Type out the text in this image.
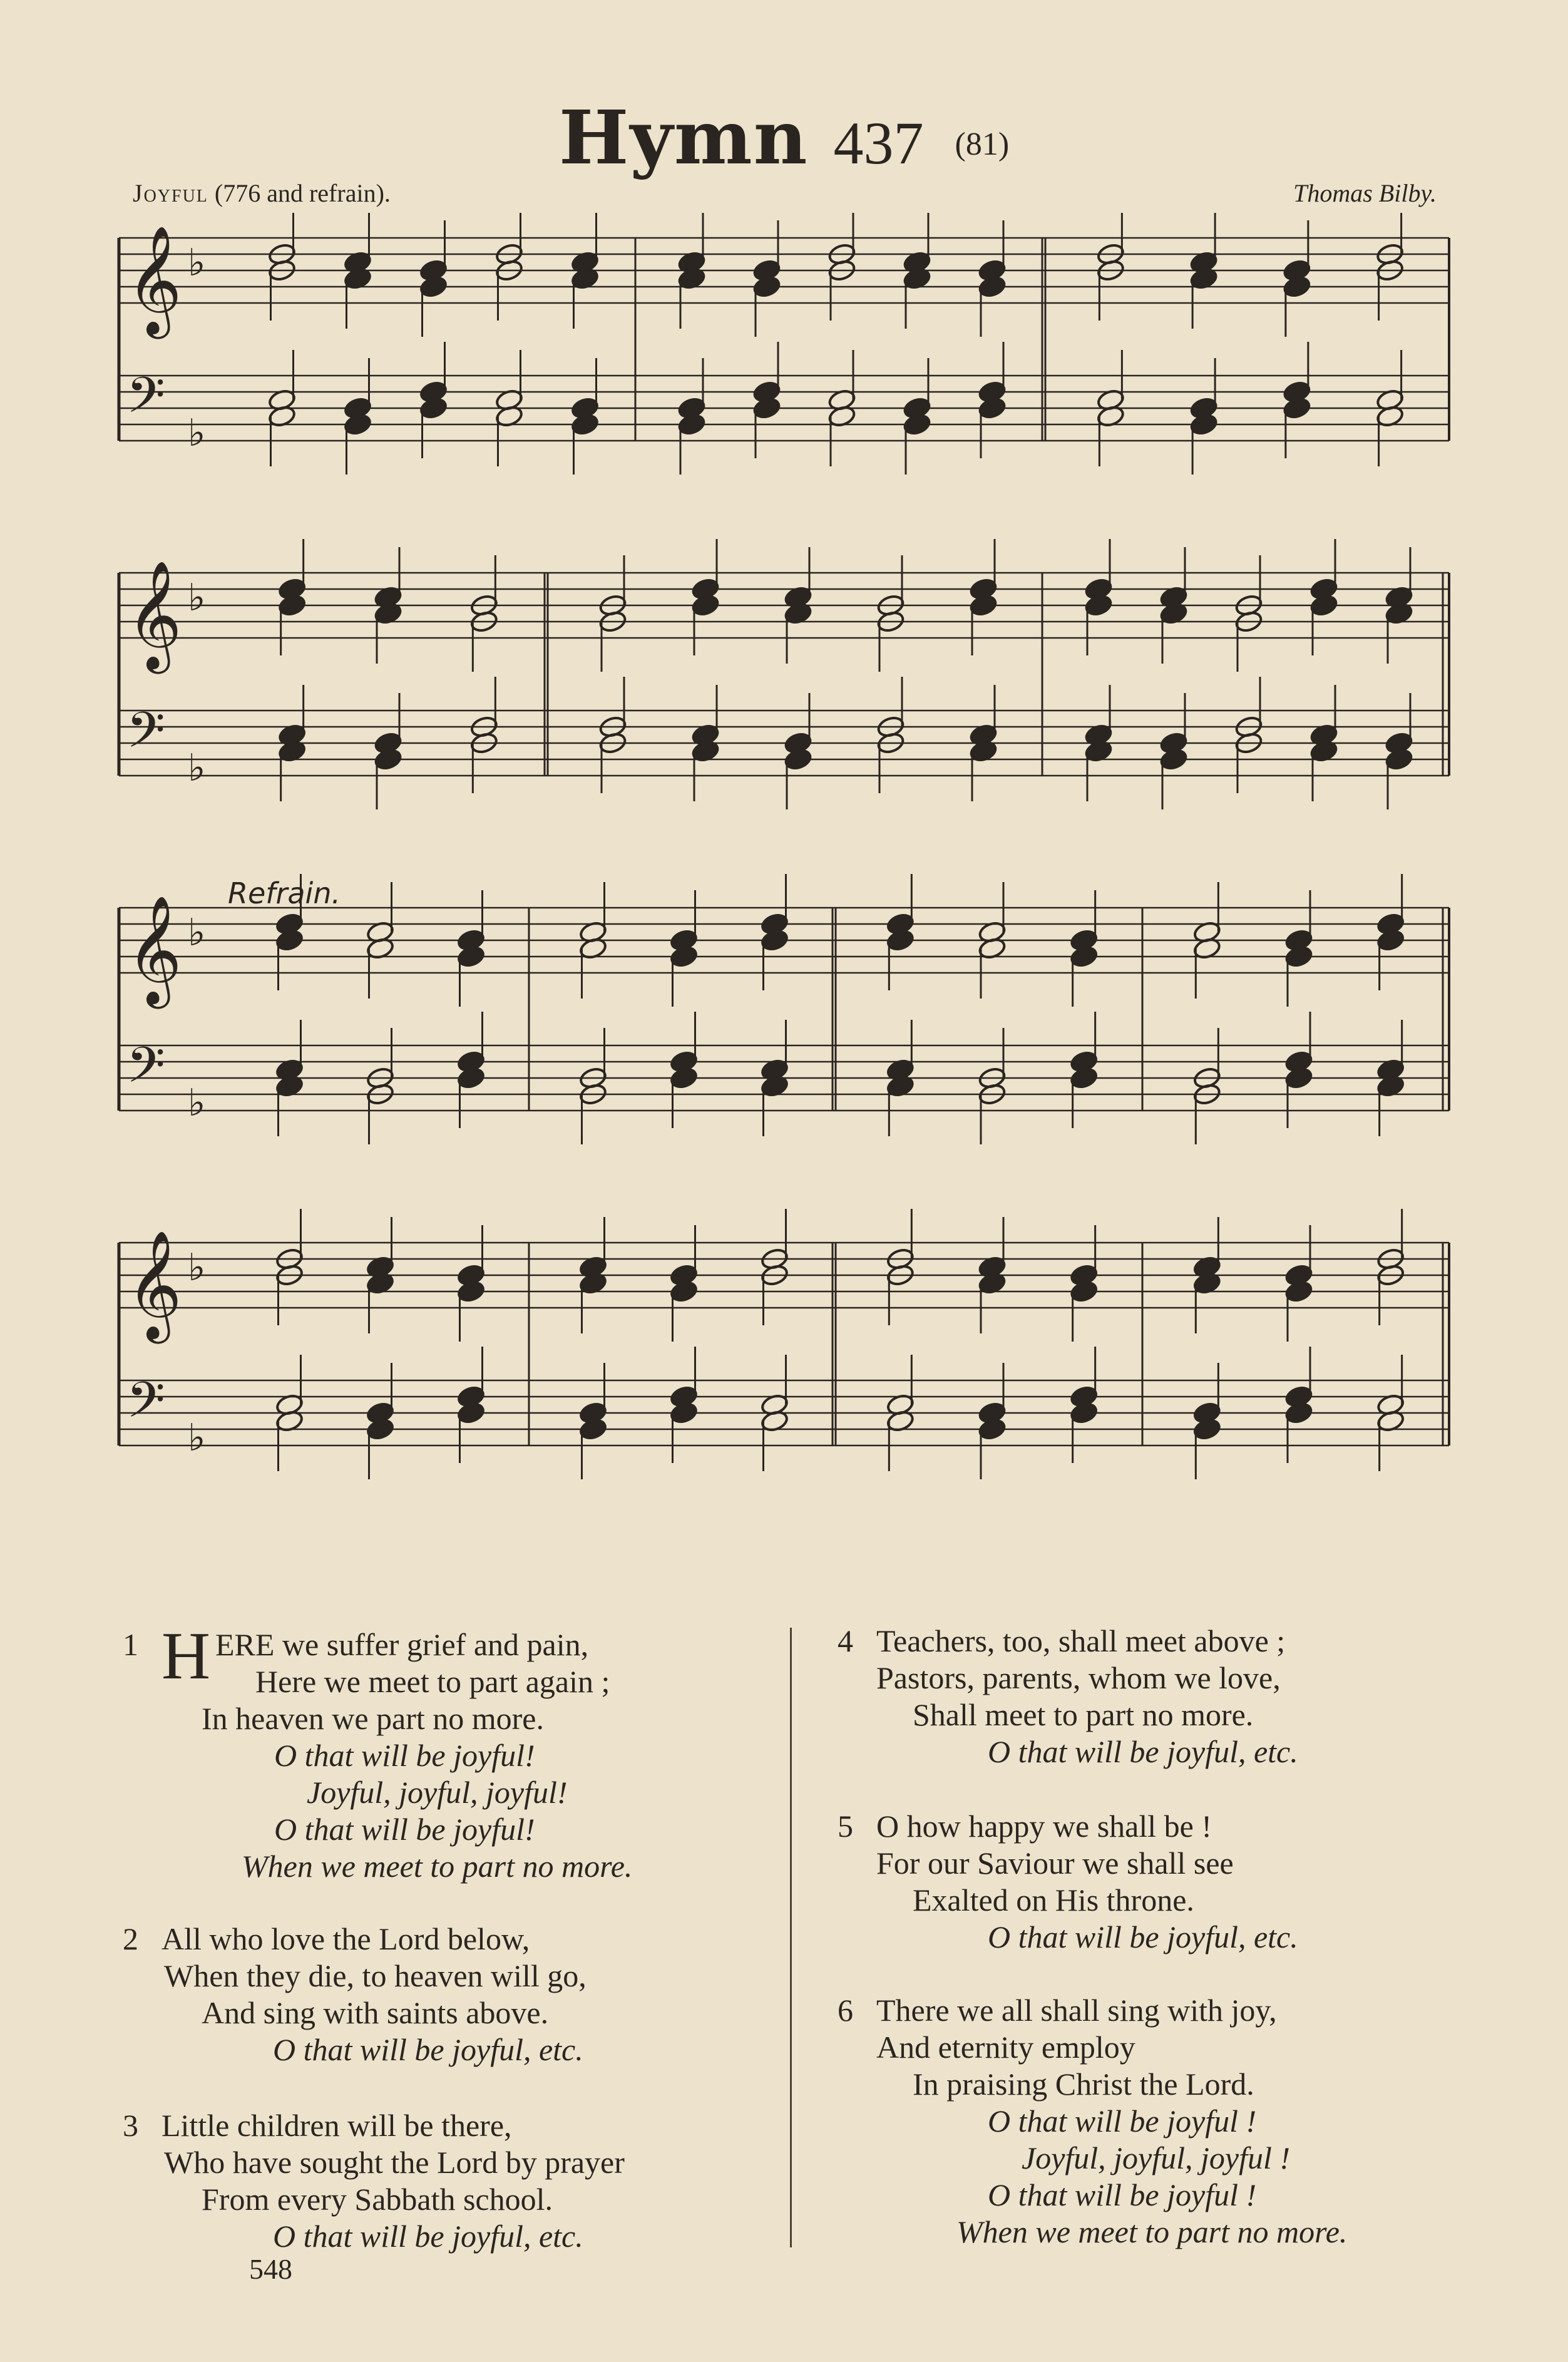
Hymn 437 (81)
Joyful (776 and refrain).	Thomas Bilby.
𝄞
𝄢
♭
♭
𝄞
𝄢
♭
♭
𝄞
𝄢
♭
♭
𝄞
𝄢
♭
♭
Refrain.
1 HERE we suffer grief and pain,
Here we meet to part again ;
In heaven we part no more.
O that will be joyful!
Joyful, joyful, joyful!
O that will be joyful!
When we meet to part no more.
2 All who love the Lord below,
When they die, to heaven will go,
And sing with saints above.
O that will be joyful, etc.
3 Little children will be there,
Who have sought the Lord by prayer
From every Sabbath school.
O that will be joyful, etc.
4 Teachers, too, shall meet above ;
Pastors, parents, whom we love,
Shall meet to part no more.
O that will be joyful, etc.
5 O how happy we shall be !
For our Saviour we shall see
Exalted on His throne.
O that will be joyful, etc.
6 There we all shall sing with joy,
And eternity employ
In praising Christ the Lord.
O that will be joyful !
Joyful, joyful, joyful !
O that will be joyful !
When we meet to part no more.
548
